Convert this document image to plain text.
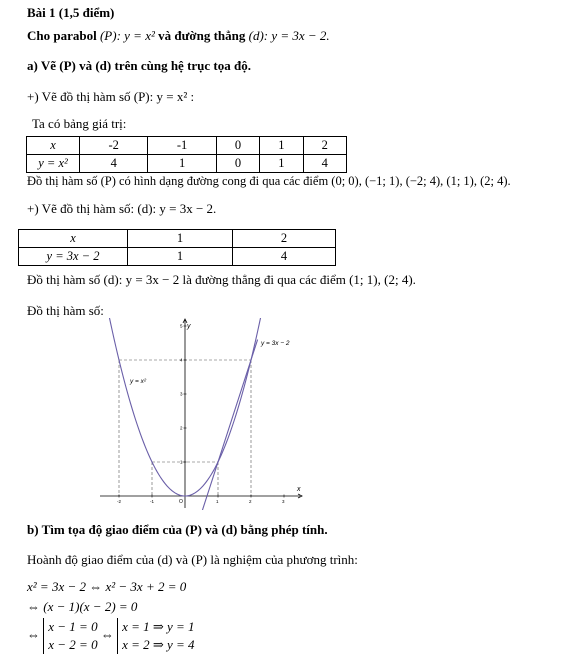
Bài 1 (1,5 điểm)
Cho parabol (P): y = x² và đường thẳng (d): y = 3x − 2.
a) Vẽ (P) và (d) trên cùng hệ trục tọa độ.
+) Vẽ đồ thị hàm số (P): y = x² :
Ta có bảng giá trị:
x	-2	-1	0	1	2
y = x²	4	1	0	1	4
Đồ thị hàm số (P) có hình dạng đường cong đi qua các điểm (0; 0), (−1; 1), (−2; 4), (1; 1), (2; 4).
+) Vẽ đồ thị hàm số: (d): y = 3x − 2.
x	1	2
y = 3x − 2	1	4
Đồ thị hàm số (d): y = 3x − 2 là đường thẳng đi qua các điểm (1; 1), (2; 4).
Đồ thị hàm số:
-2	-1	1	2	3
1
2
3
4
5
y = x²
y = 3x − 2
x
y
O
b) Tìm tọa độ giao điểm của (P) và (d) bằng phép tính.
Hoành độ giao điểm của (d) và (P) là nghiệm của phương trình:
x² = 3x − 2 ⇔ x² − 3x + 2 = 0
⇔ (x − 1)(x − 2) = 0
⇔
x − 1 = 0
x − 2 = 0
⇔
x = 1 ⇒ y = 1
x = 2 ⇒ y = 4
